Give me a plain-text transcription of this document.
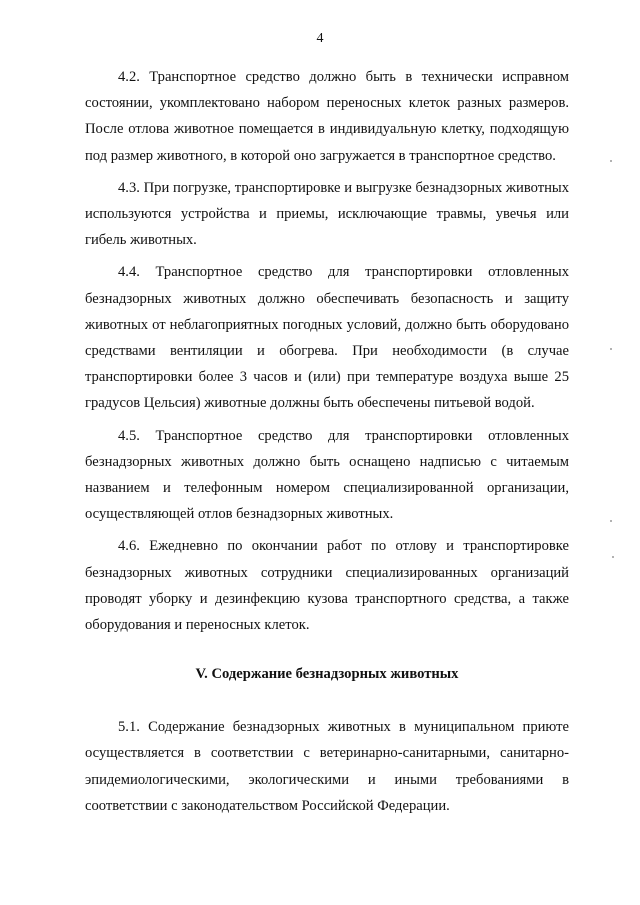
4

4.2. Транспортное средство должно быть в технически исправном состоянии, укомплектовано набором переносных клеток разных размеров. После отлова животное помещается в индивидуальную клетку, подходящую под размер животного, в которой оно загружается в транспортное средство.

4.3. При погрузке, транспортировке и выгрузке безнадзорных животных используются устройства и приемы, исключающие травмы, увечья или гибель животных.

4.4. Транспортное средство для транспортировки отловленных безнадзорных животных должно обеспечивать безопасность и защиту животных от неблагоприятных погодных условий, должно быть оборудовано средствами вентиляции и обогрева. При необходимости (в случае транспортировки более 3 часов и (или) при температуре воздуха выше 25 градусов Цельсия) животные должны быть обеспечены питьевой водой.

4.5. Транспортное средство для транспортировки отловленных безнадзорных животных должно быть оснащено надписью с читаемым названием и телефонным номером специализированной организации, осуществляющей отлов безнадзорных животных.

4.6. Ежедневно по окончании работ по отлову и транспортировке безнадзорных животных сотрудники специализированных организаций проводят уборку и дезинфекцию кузова транспортного средства, а также оборудования и переносных клеток.

V. Содержание безнадзорных животных

5.1. Содержание безнадзорных животных в муниципальном приюте осуществляется в соответствии с ветеринарно-санитарными, санитарно-эпидемиологическими, экологическими и иными требованиями в соответствии с законодательством Российской Федерации.
